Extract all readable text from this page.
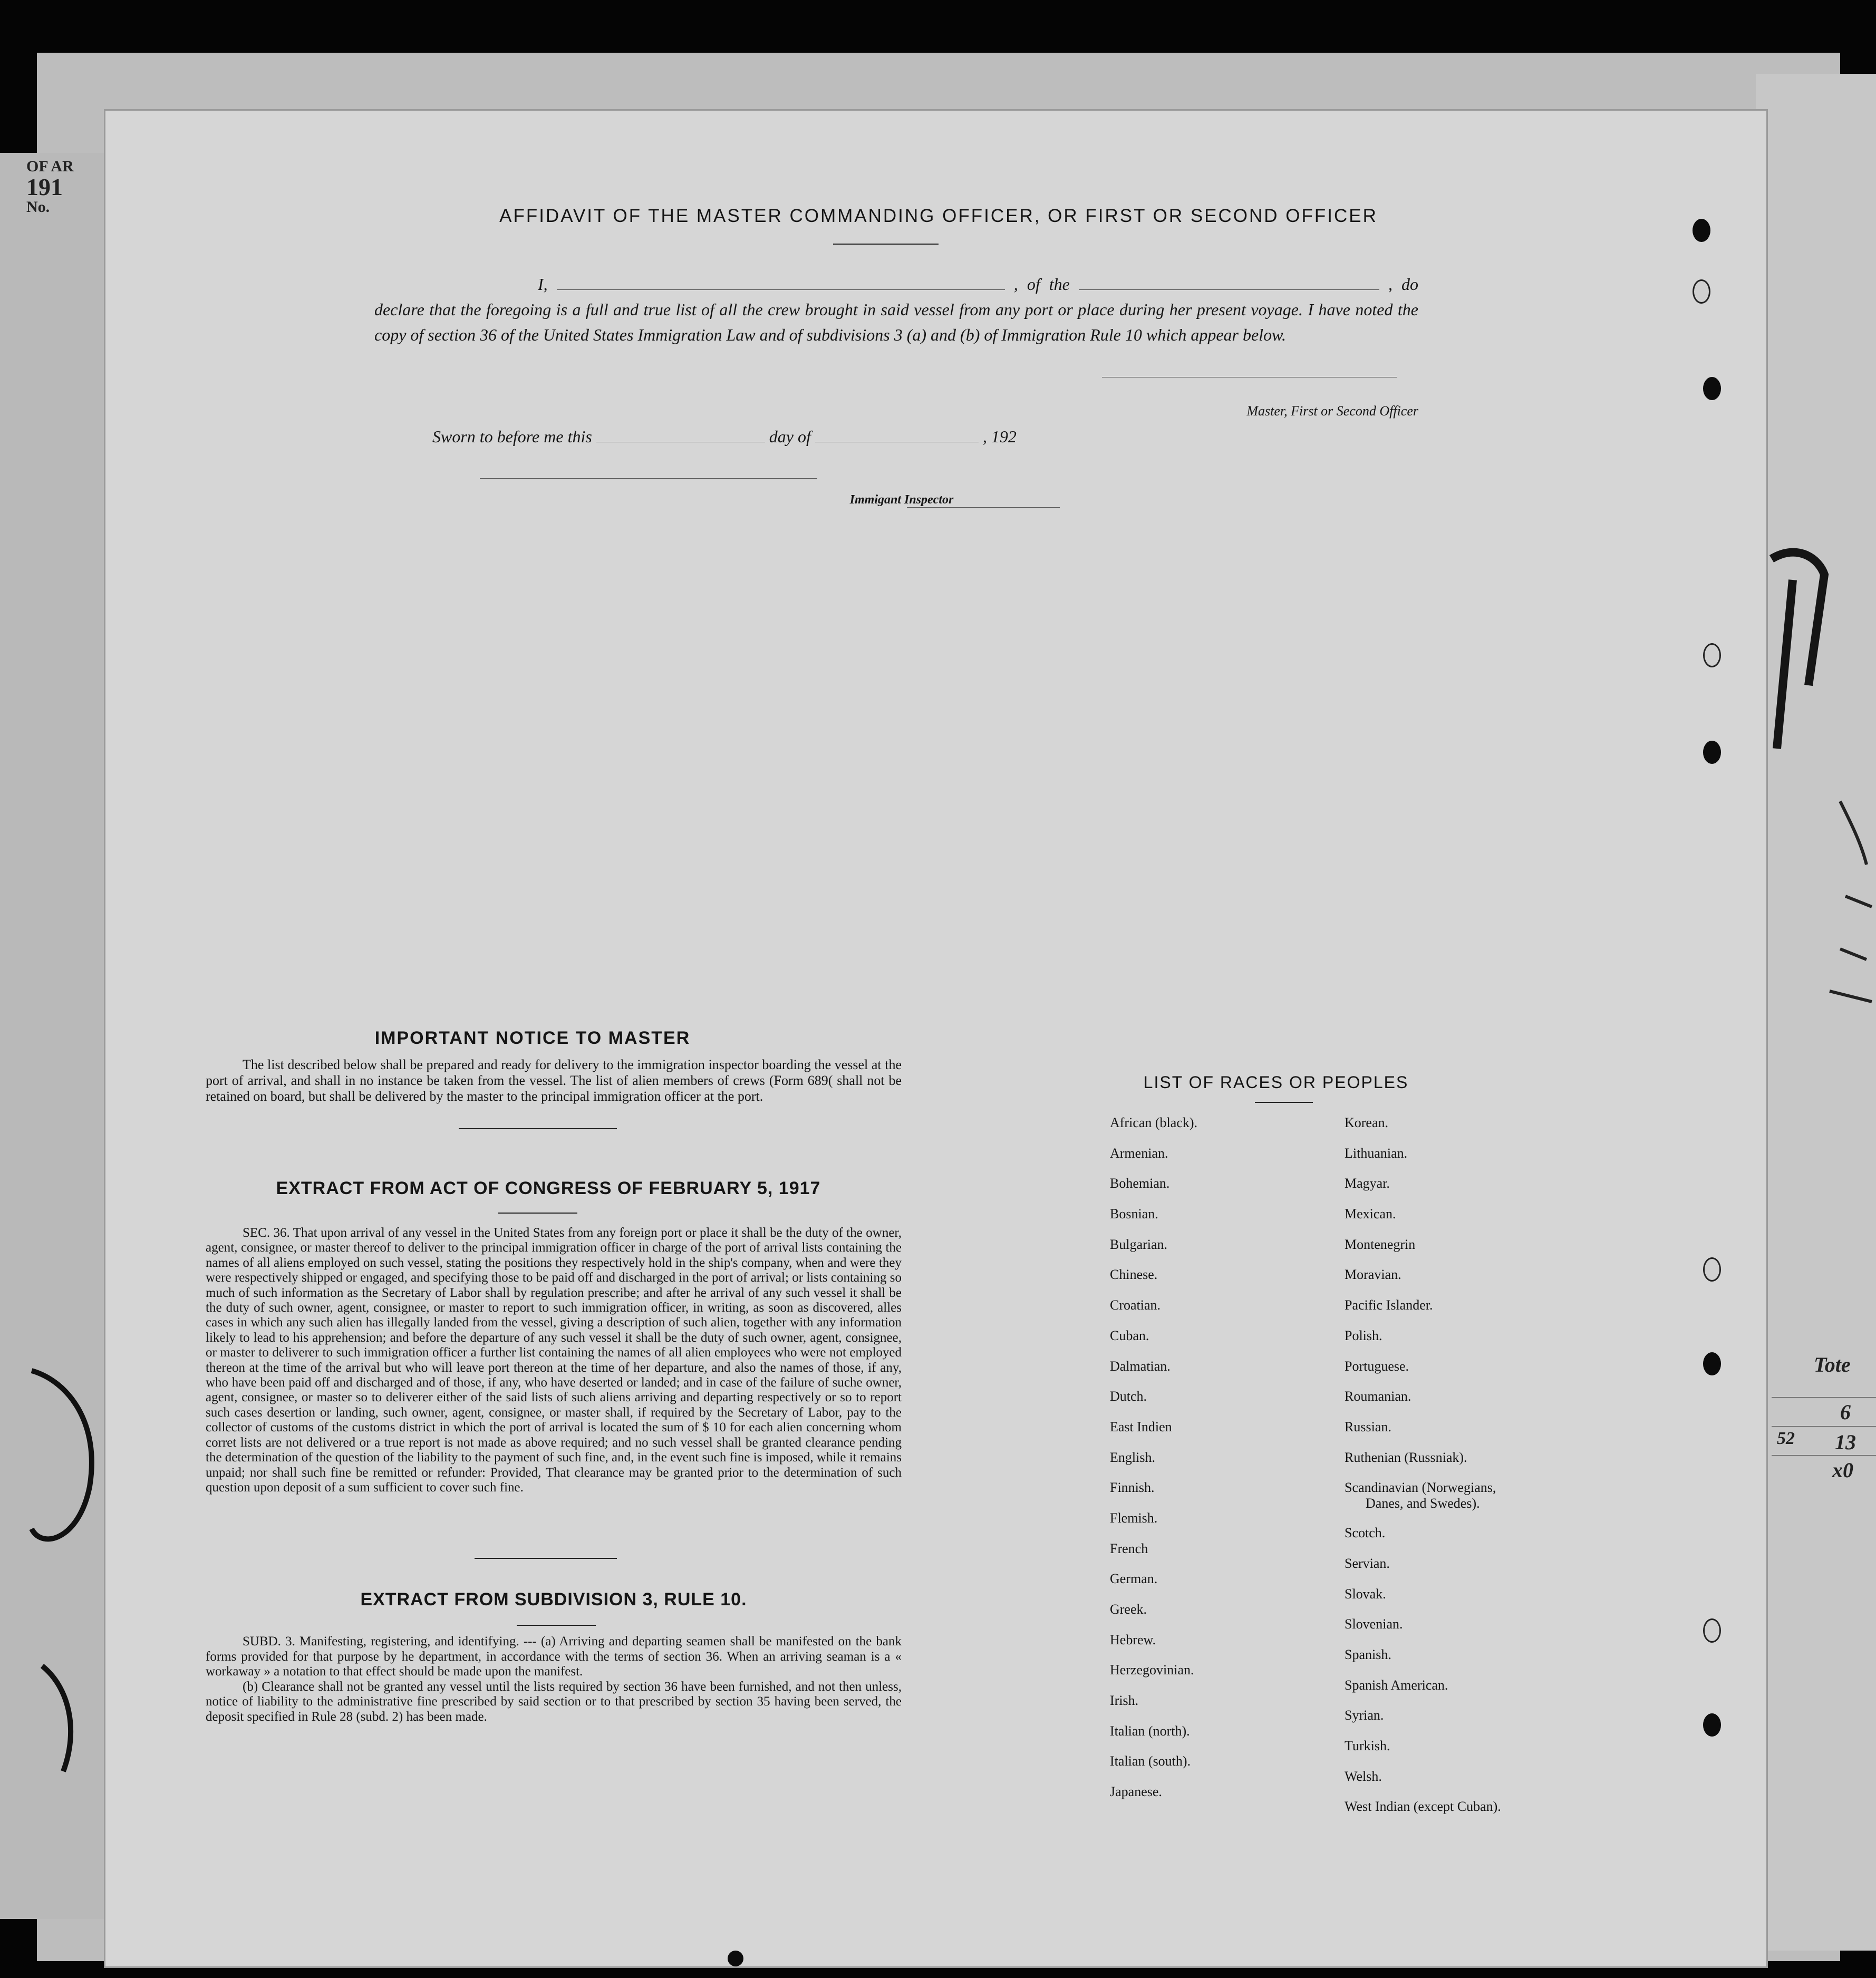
OF AR
191
No.
Tote
6
52 13
x0
AFFIDAVIT OF THE MASTER COMMANDING OFFICER, OR FIRST OR SECOND OFFICER
I,	, of the	, do declare that the foregoing is a full and true list of all the crew brought in said vessel from any port or place during her present voyage. I have noted the copy of section 36 of the United States Immigration Law and of subdivisions 3 (a) and (b) of Immigration Rule 10 which appear below.
Master, First or Second Officer
Sworn to before me this	day of	, 192
Immigant Inspector
IMPORTANT NOTICE TO MASTER
The list described below shall be prepared and ready for delivery to the immigration inspector boarding the vessel at the port of arrival, and shall in no instance be taken from the vessel. The list of alien members of crews (Form 689( shall not be retained on board, but shall be delivered by the master to the principal immigration officer at the port.
EXTRACT FROM ACT OF CONGRESS OF FEBRUARY 5, 1917
SEC. 36. That upon arrival of any vessel in the United States from any foreign port or place it shall be the duty of the owner, agent, consignee, or master thereof to deliver to the principal immigration officer in charge of the port of arrival lists containing the names of all aliens employed on such vessel, stating the positions they respectively hold in the ship's company, when and were they were respectively shipped or engaged, and specifying those to be paid off and discharged in the port of arrival; or lists containing so much of such information as the Secretary of Labor shall by regulation prescribe; and after he arrival of any such vessel it shall be the duty of such owner, agent, consignee, or master to report to such immigration officer, in writing, as soon as discovered, alles cases in which any such alien has illegally landed from the vessel, giving a description of such alien, together with any information likely to lead to his apprehension; and before the departure of any such vessel it shall be the duty of such owner, agent, consignee, or master to deliverer to such immigration officer a further list containing the names of all alien employees who were not employed thereon at the time of the arrival but who will leave port thereon at the time of her departure, and also the names of those, if any, who have been paid off and discharged and of those, if any, who have deserted or landed; and in case of the failure of suche owner, agent, consignee, or master so to deliverer either of the said lists of such aliens arriving and departing respectively or so to report such cases desertion or landing, such owner, agent, consignee, or master shall, if required by the Secretary of Labor, pay to the collector of customs of the customs district in which the port of arrival is located the sum of $ 10 for each alien concerning whom corret lists are not delivered or a true report is not made as above required; and no such vessel shall be granted clearance pending the determination of the question of the liability to the payment of such fine, and, in the event such fine is imposed, while it remains unpaid; nor shall such fine be remitted or refunder: Provided, That clearance may be granted prior to the determination of such question upon deposit of a sum sufficient to cover such fine.
EXTRACT FROM SUBDIVISION 3, RULE 10.

SUBD. 3. Manifesting, registering, and identifying. --- (a) Arriving and departing seamen shall be manifested on the bank forms provided for that purpose by he department, in accordance with the terms of section 36. When an arriving seaman is a « workaway » a notation to that effect should be made upon the manifest.

(b) Clearance shall not be granted any vessel until the lists required by section 36 have been furnished, and not then unless, notice of liability to the administrative fine prescribed by said section or to that prescribed by section 35 having been served, the deposit specified in Rule 28 (subd. 2) has been made.

LIST OF RACES OR PEOPLES
African (black).
Armenian.
Bohemian.
Bosnian.
Bulgarian.
Chinese.
Croatian.
Cuban.
Dalmatian.
Dutch.
East Indien
English.
Finnish.
Flemish.
French
German.
Greek.
Hebrew.
Herzegovinian.
Irish.
Italian (north).
Italian (south).
Japanese.
Korean.
Lithuanian.
Magyar.
Mexican.
Montenegrin
Moravian.
Pacific Islander.
Polish.
Portuguese.
Roumanian.
Russian.
Ruthenian (Russniak).
Scandinavian (Norwegians,
Danes, and Swedes).
Scotch.
Servian.
Slovak.
Slovenian.
Spanish.
Spanish American.
Syrian.
Turkish.
Welsh.
West Indian (except Cuban).
